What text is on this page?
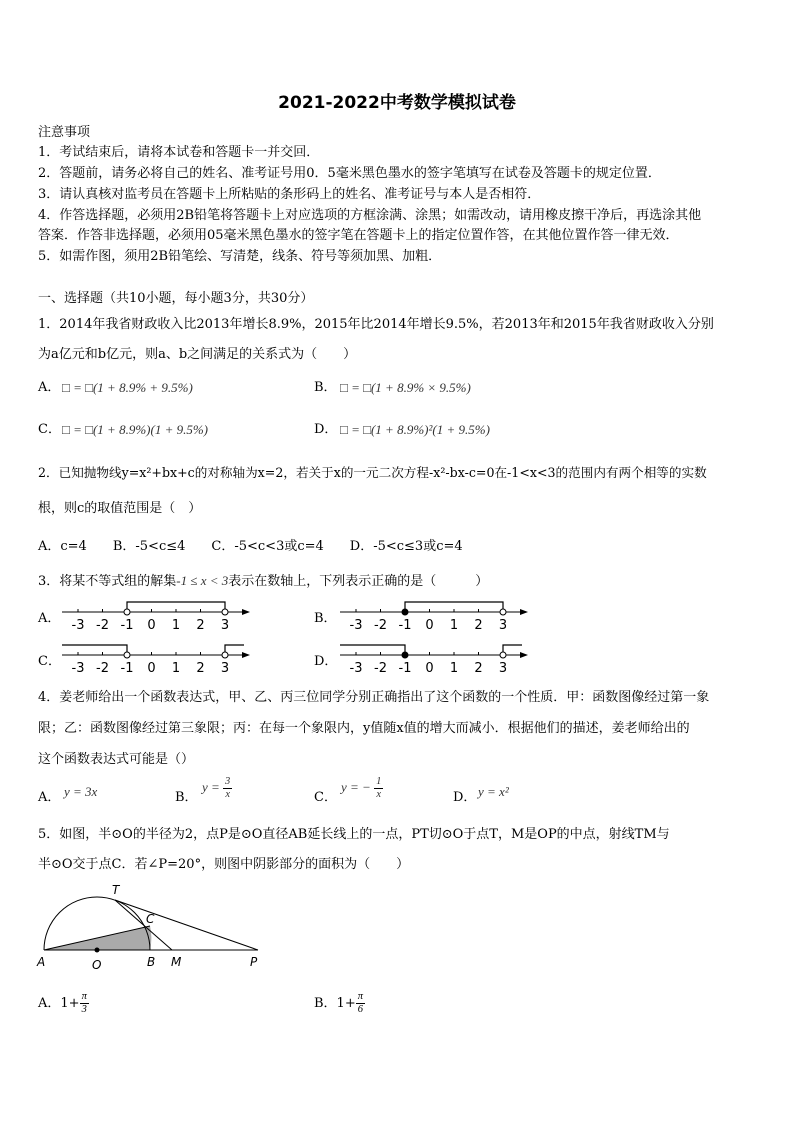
2021-2022中考数学模拟试卷
注意事项
1．考试结束后，请将本试卷和答题卡一并交回．
2．答题前，请务必将自己的姓名、准考证号用0．5毫米黑色墨水的签字笔填写在试卷及答题卡的规定位置．
3．请认真核对监考员在答题卡上所粘贴的条形码上的姓名、准考证号与本人是否相符．
4．作答选择题，必须用2B铅笔将答题卡上对应选项的方框涂满、涂黑；如需改动，请用橡皮擦干净后，再选涂其他
答案．作答非选择题，必须用05毫米黑色墨水的签字笔在答题卡上的指定位置作答，在其他位置作答一律无效．
5．如需作图，须用2B铅笔绘、写清楚，线条、符号等须加黑、加粗．
一、选择题（共10小题，每小题3分，共30分）
1．2014年我省财政收入比2013年增长8.9%，2015年比2014年增长9.5%，若2013年和2015年我省财政收入分别
为a亿元和b亿元，则a、b之间满足的关系式为（　　）
A． □ = □(1 + 8.9% + 9.5%)	B． □ = □(1 + 8.9% × 9.5%)
C． □ = □(1 + 8.9%)(1 + 9.5%)	D． □ = □(1 + 8.9%)²(1 + 9.5%)
2．已知抛物线y=x²+bx+c的对称轴为x=2，若关于x的一元二次方程-x²-bx-c=0在-1<x<3的范围内有两个相等的实数
根，则c的取值范围是（　）
A．c=4　　B．-5<c≤4　　C．-5<c<3或c=4　　D．-5<c≤3或c=4
3．将某不等式组的解集-1 ≤ x < 3表示在数轴上，下列表示正确的是（　　　）
A．	B．
C．	D．
-3 -2 -1 0 1 2 3	-3 -2 -1 0 1 2 3
-3 -2 -1 0 1 2 3	-3 -2 -1 0 1 2 3
4．姜老师给出一个函数表达式，甲、乙、丙三位同学分别正确指出了这个函数的一个性质．甲：函数图像经过第一象
限；乙：函数图像经过第三象限；丙：在每一个象限内，y值随x值的增大而减小．根据他们的描述，姜老师给出的
这个函数表达式可能是（）
A． y = 3x	B．
$y = \frac{3}{x}$	C．
y = − $\frac{1}{x}$	D． y = x²
5．如图，半⊙O的半径为2，点P是⊙O直径AB延长线上的一点，PT切⊙O于点T，M是OP的中点，射线TM与
半⊙O交于点C．若∠P=20°，则图中阴影部分的面积为（　　）
T
C
A	O	B M	P
A．$1+ \frac{\pi}{3}$	B．$1+ \frac{\pi}{6}$
